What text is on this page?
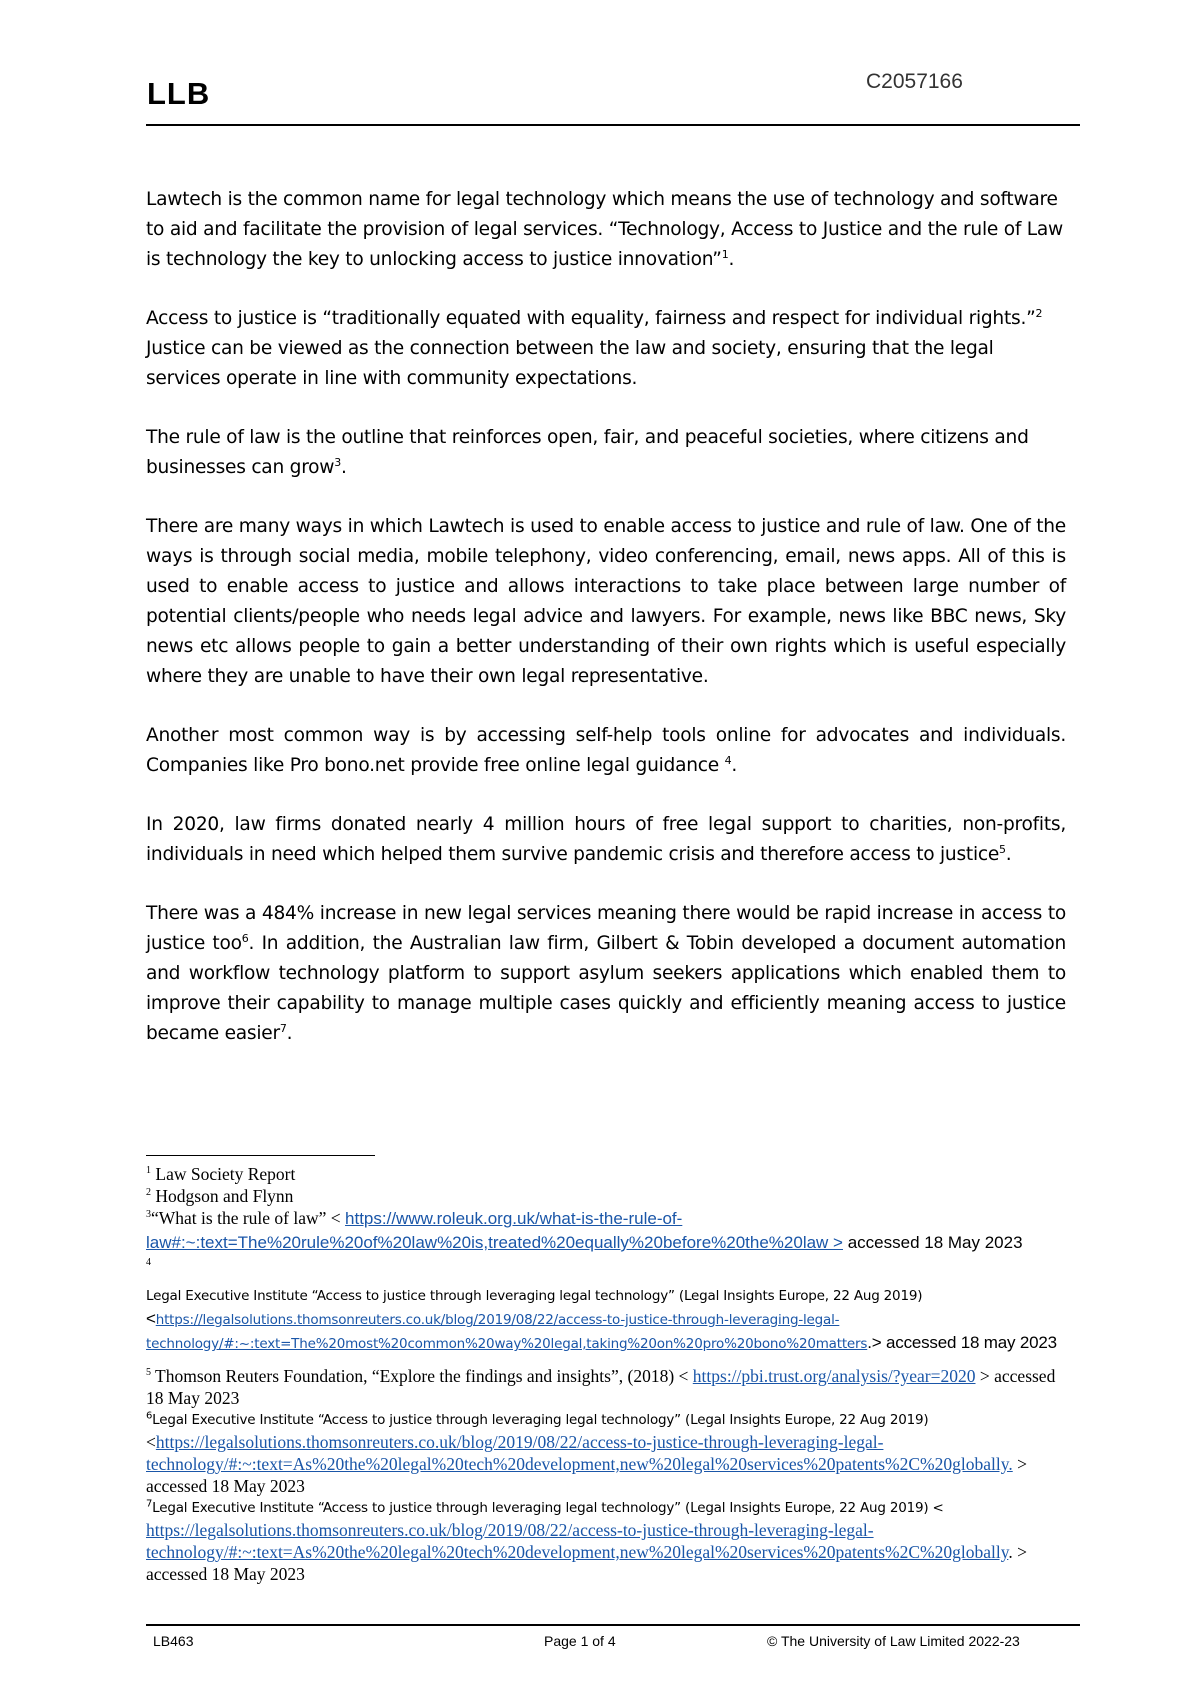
LLB	C2057166

Lawtech is the common name for legal technology which means the use of technology and software to aid and facilitate the provision of legal services. “Technology, Access to Justice and the rule of Law is technology the key to unlocking access to justice innovation”$^1$.

Access to justice is “traditionally equated with equality, fairness and respect for individual rights.”$^2$ Justice can be viewed as the connection between the law and society, ensuring that the legal services operate in line with community expectations.

The rule of law is the outline that reinforces open, fair, and peaceful societies, where citizens and businesses can grow$^3$.

There are many ways in which Lawtech is used to enable access to justice and rule of law. One of the ways is through social media, mobile telephony, video conferencing, email, news apps. All of this is used to enable access to justice and allows interactions to take place between large number of potential clients/people who needs legal advice and lawyers. For example, news like BBC news, Sky news etc allows people to gain a better understanding of their own rights which is useful especially where they are unable to have their own legal representative.

Another most common way is by accessing self-help tools online for advocates and individuals. Companies like Pro bono.net provide free online legal guidance $^4$.

In 2020, law firms donated nearly 4 million hours of free legal support to charities, non-profits, individuals in need which helped them survive pandemic crisis and therefore access to justice$^5$.

There was a 484% increase in new legal services meaning there would be rapid increase in access to justice too$^6$. In addition, the Australian law firm, Gilbert & Tobin developed a document automation and workflow technology platform to support asylum seekers applications which enabled them to improve their capability to manage multiple cases quickly and efficiently meaning access to justice became easier$^7$.

$^1$ Law Society Report

$^2$ Hodgson and Flynn

$^3$“What is the rule of law” < https://www.roleuk.org.uk/what-is-the-rule-of-law#:~:text=The%20rule%20of%20law%20is,treated%20equally%20before%20the%20law > accessed 18 May 2023

$^4$

Legal Executive Institute “Access to justice through leveraging legal technology” (Legal Insights Europe, 22 Aug 2019)

<https://legalsolutions.thomsonreuters.co.uk/blog/2019/08/22/access-to-justice-through-leveraging-legal-technology/#:~:text=The%20most%20common%20way%20legal,taking%20on%20pro%20bono%20matters.> accessed 18 may 2023

$^5$ Thomson Reuters Foundation, “Explore the findings and insights”, (2018) < https://pbi.trust.org/analysis/?year=2020 > accessed 18 May 2023

$^6$Legal Executive Institute “Access to justice through leveraging legal technology” (Legal Insights Europe, 22 Aug 2019)

<https://legalsolutions.thomsonreuters.co.uk/blog/2019/08/22/access-to-justice-through-leveraging-legal-technology/#:~:text=As%20the%20legal%20tech%20development,new%20legal%20services%20patents%2C%20globally. > accessed 18 May 2023

$^7$Legal Executive Institute “Access to justice through leveraging legal technology” (Legal Insights Europe, 22 Aug 2019) <

https://legalsolutions.thomsonreuters.co.uk/blog/2019/08/22/access-to-justice-through-leveraging-legal-technology/#:~:text=As%20the%20legal%20tech%20development,new%20legal%20services%20patents%2C%20globally. > accessed 18 May 2023

LB463	Page 1 of 4	© The University of Law Limited 2022-23
